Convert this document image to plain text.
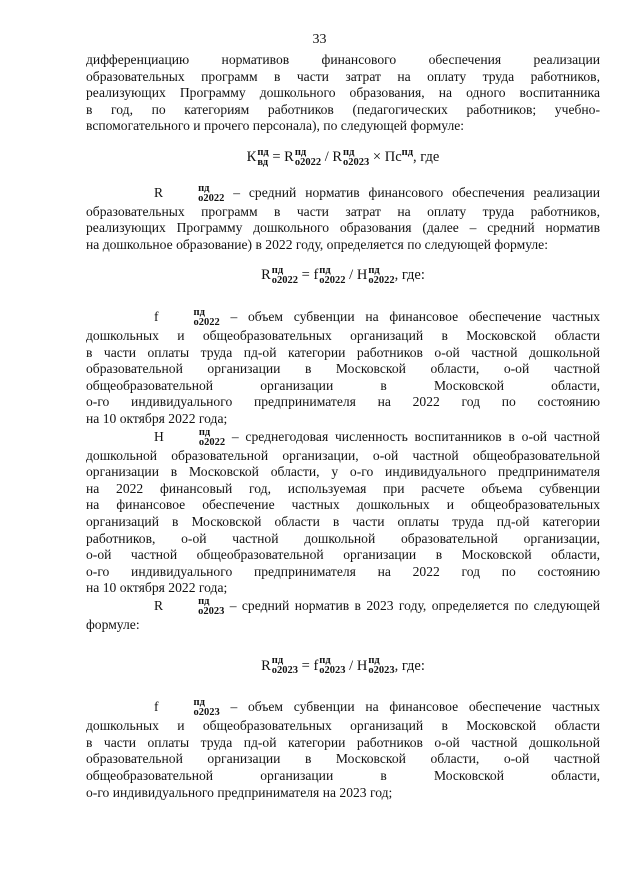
33

дифференциацию нормативов финансового обеспечения реализации

образовательных программ в части затрат на оплату труда работников,

реализующих Программу дошкольного образования, на одного воспитанника

в год, по категориям работников (педагогических работников; учебно-

вспомогательного и прочего персонала), по следующей формуле:

К пд
вд = R пд
о2022 / R пд
$о2023 \times Пс^{пд}$, где

R	пд
о2022 – средний норматив финансового обеспечения реализации

образовательных программ в части затрат на оплату труда работников,

реализующих Программу дошкольного образования (далее – средний норматив

на дошкольное образование) в 2022 году, определяется по следующей формуле:

R пд
о2022 = f пд
о2022 / Н пд
о2022 , где:

f	пд
о2022 – объем субвенции на финансовое обеспечение частных

дошкольных и общеобразовательных организаций в Московской области

в части оплаты труда пд-ой категории работников о-ой частной дошкольной

образовательной организации в Московской области, о-ой частной

общеобразовательной организации в Московской области,

о-го индивидуального предпринимателя на 2022 год по состоянию

на 10 октября 2022 года;

Н	пд
о2022 – среднегодовая численность воспитанников в о-ой частной

дошкольной образовательной организации, о-ой частной общеобразовательной

организации в Московской области, у о-го индивидуального предпринимателя

на 2022 финансовый год, используемая при расчете объема субвенции

на финансовое обеспечение частных дошкольных и общеобразовательных

организаций в Московской области в части оплаты труда пд-ой категории

работников, о-ой частной дошкольной образовательной организации,

о-ой частной общеобразовательной организации в Московской области,

о-го индивидуального предпринимателя на 2022 год по состоянию

на 10 октября 2022 года;

R	пд
о2023 – средний норматив в 2023 году, определяется по следующей

формуле:

R пд
о2023 = f пд
о2023 / Н пд
о2023 , где:

f	пд
о2023 – объем субвенции на финансовое обеспечение частных

дошкольных и общеобразовательных организаций в Московской области

в части оплаты труда пд-ой категории работников о-ой частной дошкольной

образовательной организации в Московской области, о-ой частной

общеобразовательной организации в Московской области,

о-го индивидуального предпринимателя на 2023 год;
